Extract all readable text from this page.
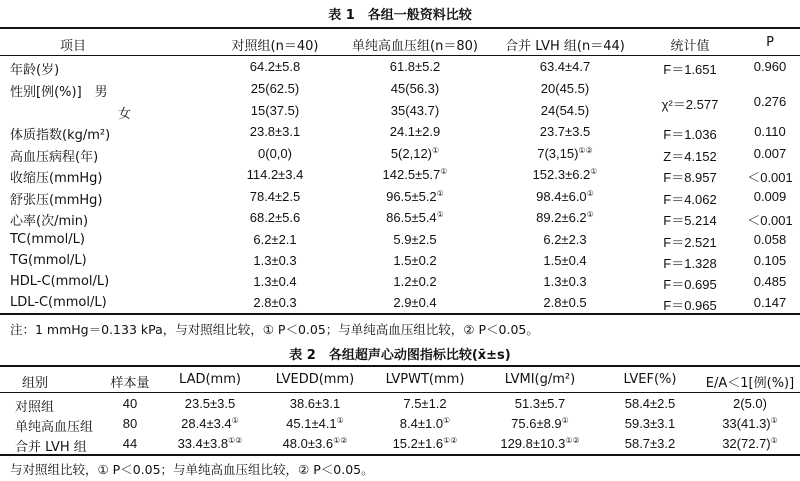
表 1　各组一般资料比较
项目	对照组(n＝40)	单纯高血压组(n＝80)	合并 LVH 组(n＝44)	统计值	P
年龄(岁)	64.2±5.8	61.8±5.2	63.4±4.7	F＝1.651	0.960
性别[例(%)]　男	25(62.5)	45(56.3)	20(45.5)
女	15(37.5)	35(43.7)	24(54.5)	χ²＝2.577	0.276
体质指数(kg/m²)	23.8±3.1	24.1±2.9	23.7±3.5	F＝1.036	0.110
高血压病程(年)	0(0,0)	5(2,12)①	7(3,15)①②	Z＝4.152	0.007
收缩压(mmHg)	114.2±3.4	142.5±5.7①	152.3±6.2①	F＝8.957	＜0.001
舒张压(mmHg)	78.4±2.5	96.5±5.2①	98.4±6.0①	F＝4.062	0.009
心率(次/min)	68.2±5.6	86.5±5.4①	89.2±6.2①	F＝5.214	＜0.001
TC(mmol/L)	6.2±2.1	5.9±2.5	6.2±2.3	F＝2.521	0.058
TG(mmol/L)	1.3±0.3	1.5±0.2	1.5±0.4	F＝1.328	0.105
HDL-C(mmol/L)	1.3±0.4	1.2±0.2	1.3±0.3	F＝0.695	0.485
LDL-C(mmol/L)	2.8±0.3	2.9±0.4	2.8±0.5	F＝0.965	0.147
注：1 mmHg＝0.133 kPa，与对照组比较，① P＜0.05；与单纯高血压组比较，② P＜0.05。
表 2　各组超声心动图指标比较(x̄±s)
组别	样本量	LAD(mm)	LVEDD(mm)	LVPWT(mm)	LVMI(g/m²)	LVEF(%)	E/A＜1[例(%)]
对照组	40	23.5±3.5	38.6±3.1	7.5±1.2	51.3±5.7	58.4±2.5	2(5.0)
单纯高血压组	80	28.4±3.4①	45.1±4.1①	8.4±1.0①	75.6±8.9①	59.3±3.1	33(41.3)①
合并 LVH 组	44	33.4±3.8①②	48.0±3.6①②	15.2±1.6①②	129.8±10.3①②	58.7±3.2	32(72.7)①
与对照组比较，① P＜0.05；与单纯高血压组比较，② P＜0.05。
